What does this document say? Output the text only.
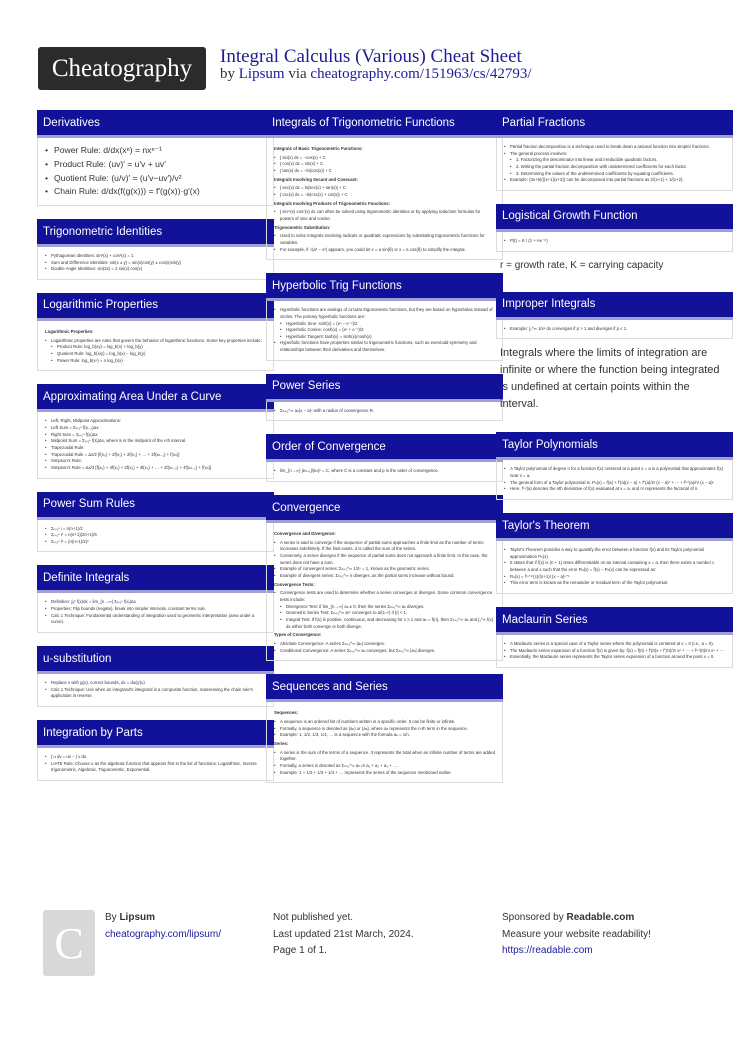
Cheatography Integral Calculus (Various) Cheat Sheet
by Lipsum via cheatography.com/151963/cs/42793/
Derivatives
• Power Rule: d/dx(xⁿ) = nxⁿ⁻¹
• Product Rule: (uv)′ = u′v + uv′
• Quotient Rule: (u/v)′ = (u′v−uv′)/v²
• Chain Rule: d/dx(f(g(x))) = f′(g(x))·g′(x)
Trigonometric Identities
• Pythagorean Identities: sin²(x) + cos²(x) = 1
• Sum and Difference Identities: sin(x ± y) = sin(x)cos(y) ± cos(x)sin(y)
• Double Angle Identities: sin(2x) = 2 sin(x) cos(x)
Logarithmic Properties
Logarithmic Properties:
• Logarithmic properties are rules that govern the behavior of logarithmic functions. Some key properties include:
• Product Rule: log_b(xy) = log_b(x) + log_b(y)
• Quotient Rule: log_b(x/y) = log_b(x) − log_b(y)
• Power Rule: log_b(xⁿ) = n log_b(x)
Approximating Area Under a Curve
• Left, Right, Midpoint Approximations:
• Left Sum = Σᵢ₌₁ⁿ f(xᵢ₋₁)Δx
• Right Sum = Σᵢ₌₁ⁿ f(xᵢ)Δx
• Midpoint Sum = Σᵢ₌₁ⁿ f(x̄ᵢ)Δx, where x̄ᵢ is the midpoint of the i-th interval.
• Trapezoidal Rule:
• Trapezoidal Rule = Δx/2 [f(x₀) + 2f(x₁) + 2f(x₂) + … + 2f(xₙ₋₁) + f(xₙ)]
• Simpson's Rule:
• Simpson's Rule = Δx/3 [f(x₀) + 4f(x₁) + 2f(x₂) + 4f(x₃) + … + 2f(xₙ₋₂) + 4f(xₙ₋₁) + f(xₙ)]
Power Sum Rules
• Σᵢ₌₁ⁿ i = n(n+1)/2
• Σᵢ₌₁ⁿ i² = n(n+1)(2n+1)/6
• Σᵢ₌₁ⁿ i³ = (n(n+1)/2)²
Definite Integrals
• Definition: ∫ₐᵇ f(x)dx = lim_{n→∞} Σᵢ₌₁ⁿ f(xᵢ)Δx
• Properties: Flip bounds (negate), break into simpler intervals, constant terms rule.
• Calc 1 Technique: Fundamental understanding of integration used to geometric interpretation (area under a curve).
u-substitution
• Replace x with g(u), correct bounds, dx = du/g′(u)
• Calc 1 Technique: Use when an integrand's integrand is a composite function, reassessing the chain rule's application in reverse.
Integration by Parts
• ∫ u dv = uv − ∫ v du
• LIATE Rule: Choose u as the algebraic function that appears first in the list of functions: Logarithmic, Inverse trigonometric, Algebraic, Trigonometric, Exponential.
Integrals of Trigonometric Functions
Integrals of Basic Trigonometric Functions:
• ∫ sin(x) dx = −cos(x) + C
• ∫ cos(x) dx = sin(x) + C
• ∫ tan(x) dx = −ln|cos(x)| + C
Integrals Involving Secant and Cosecant:
• ∫ sec(x) dx = ln|sec(x) + tan(x)| + C
• ∫ csc(x) dx = −ln|csc(x) + cot(x)| + C
Integrals Involving Products of Trigonometric Functions:
• ∫ sinᵐ(x) cosⁿ(x) dx can often be solved using trigonometric identities or by applying reduction formulas for powers of sine and cosine.
Trigonometric Substitution:
• Used to solve integrals involving radicals or quadratic expressions by substituting trigonometric functions for variables.
• For example, if √(a² − x²) appears, you could let x = a sin(θ) or x = a cos(θ) to simplify the integral.
Hyperbolic Trig Functions
• Hyperbolic functions are analogs of circular trigonometric functions, but they are based on hyperbolas instead of circles. The primary hyperbolic functions are:
• Hyperbolic Sine: sinh(x) = (eˣ − e⁻ˣ)/2
• Hyperbolic Cosine: cosh(x) = (eˣ + e⁻ˣ)/2
• Hyperbolic Tangent: tanh(x) = sinh(x)/cosh(x)
• Hyperbolic functions have properties similar to trigonometric functions, such as even/odd symmetry and relationships between their derivatives and themselves.
Power Series
• Σₙ₌₀^∞ aₙ(x − a)ⁿ with a radius of convergence R.
Order of Convergence
• lim_{n→∞} |eₙ₊₁|/|eₙ|ᵖ = C, where C is a constant and p is the order of convergence.
Convergence
Convergence and Divergence:
• A series is said to converge if the sequence of partial sums approaches a finite limit as the number of terms increases indefinitely. If the limit exists, it is called the sum of the series.
• Conversely, a series diverges if the sequence of partial sums does not approach a finite limit. In this case, the series does not have a sum.
• Example of convergent series: Σₙ₌₁^∞ 1/2ⁿ = 1, known as the geometric series.
• Example of divergent series: Σₙ₌₁^∞ n diverges, as the partial sums increase without bound.
Convergence Tests:
• Convergence tests are used to determine whether a series converges or diverges. Some common convergence tests include:
• Divergence Test: If lim_{n→∞} aₙ ≠ 0, then the series Σₙ₌₁^∞ aₙ diverges.
• Geometric Series Test: Σₙ₌₀^∞ arⁿ converges to a/(1−r) if |r| < 1.
• Integral Test: If f(x) is positive, continuous, and decreasing for x ≥ 1 and aₙ = f(n), then Σₙ₌₁^∞ aₙ and ∫₁^∞ f(x) dx either both converge or both diverge.
Types of Convergence:
• Absolute Convergence: A series Σₙ₌₁^∞ |aₙ| converges.
• Conditional Convergence: A series Σₙ₌₁^∞ aₙ converges, but Σₙ₌₁^∞ |aₙ| diverges.
Sequences and Series
Sequences:
• A sequence is an ordered list of numbers written in a specific order. It can be finite or infinite.
• Formally, a sequence is denoted as (aₙ) or {aₙ}, where aₙ represents the n-th term in the sequence.
• Example: 1, 1/2, 1/3, 1/4, … is a sequence with the formula aₙ = 1/n.
Series:
• A series is the sum of the terms of a sequence. It represents the total when an infinite number of terms are added together.
• Formally, a series is denoted as Σₙ₌₁^∞ aₙ or a₁ + a₂ + a₃ + ….
• Example: 1 + 1/2 + 1/3 + 1/4 + … represents the series of the sequence mentioned earlier.
Partial Fractions
• Partial fraction decomposition is a technique used to break down a rational function into simpler fractions.
• The general process involves:
• 1. Factorizing the denominator into linear and irreducible quadratic factors.
• 2. Writing the partial fraction decomposition with undetermined coefficients for each factor.
• 3. Determining the values of the undetermined coefficients by equating coefficients.
• Example: (3x+5)/((x+1)(x+2)) can be decomposed into partial fractions as 2/(x+1) + 1/(x+2).
Logistical Growth Function
• P(t) = K / (1 + Ae⁻ʳᵗ)
r = growth rate, K = carrying capacity
Improper Integrals
• Example: ∫₁^∞ 1/xᵖ dx converges if p > 1 and diverges if p ≤ 1.
Integrals where the limits of integration are infinite or where the function being integrated is undefined at certain points within the interval.
Taylor Polynomials
• A Taylor polynomial of degree n for a function f(x) centered at a point x = a is a polynomial that approximates f(x) near x = a.
• The general form of a Taylor polynomial is: Pₙ(x) = f(a) + f′(a)(x − a) + f″(a)/2! (x − a)² + ⋯ + f⁽ⁿ⁾(a)/n! (x − a)ⁿ
• Here, f⁽ⁿ⁾(a) denotes the nth derivative of f(x) evaluated at x = a, and n! represents the factorial of n.
Taylor's Theorem
• Taylor's Theorem provides a way to quantify the error between a function f(x) and its Taylor polynomial approximation Pₙ(x).
• It states that if f(x) is (n + 1) times differentiable on an interval containing x = a, then there exists a number c between a and x such that the error Rₙ(x) = f(x) − Pₙ(x) can be expressed as:
• Rₙ(x) = f⁽ⁿ⁺¹⁾(c)/(n+1)! (x − a)ⁿ⁺¹
• This error term is known as the remainder or residual term of the Taylor polynomial.
Maclaurin Series
• A Maclaurin series is a special case of a Taylor series where the polynomial is centered at x = 0 (i.e., a = 0).
• The Maclaurin series expansion of a function f(x) is given by: f(x) = f(0) + f′(0)x + f″(0)/2! x² + ⋯ + f⁽ⁿ⁾(0)/n! xⁿ + ⋯
• Essentially, the Maclaurin series represents the Taylor series expansion of a function around the point x = 0.
C
By Lipsum
cheatography.com/lipsum/
Not published yet.
Last updated 21st March, 2024.
Page 1 of 1.
Sponsored by Readable.com
Measure your website readability!
https://readable.com
